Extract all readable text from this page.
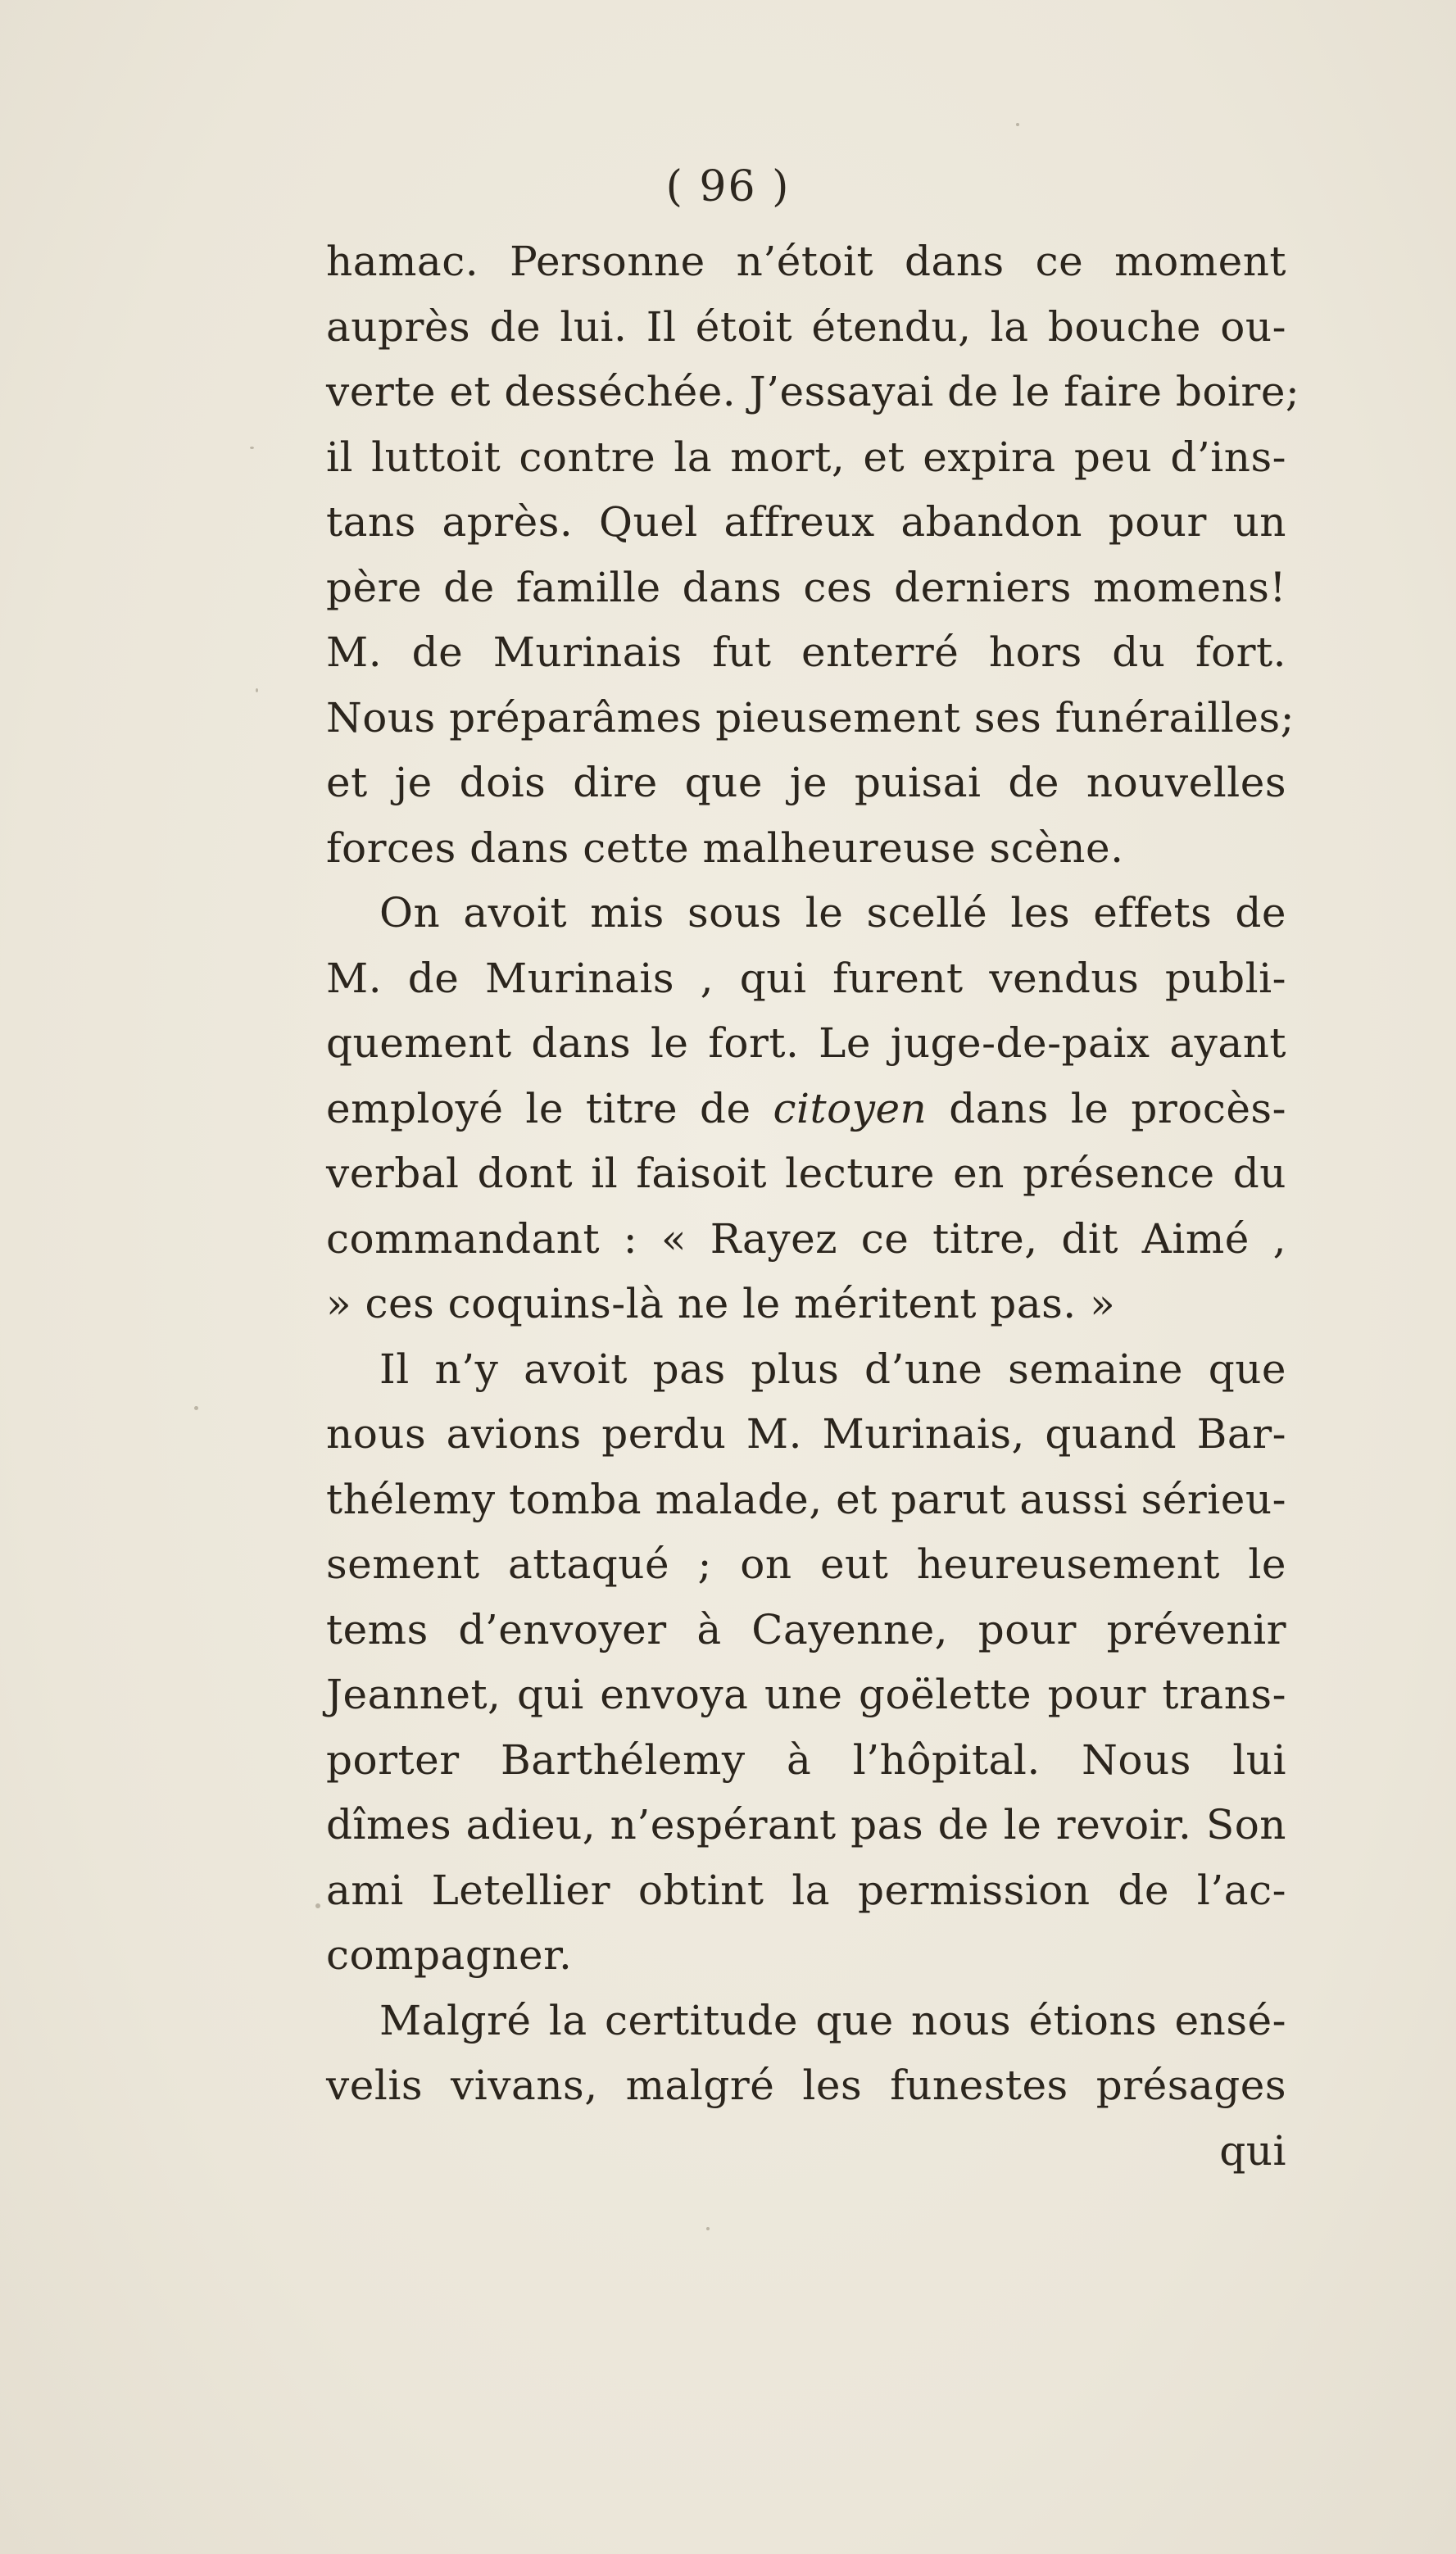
( 96 )
hamac. Personne n’étoit dans ce moment
auprès de lui. Il étoit étendu, la bouche ou-
verte et desséchée. J’essayai de le faire boire;
il luttoit contre la mort, et expira peu d’ins-
tans après. Quel affreux abandon pour un
père de famille dans ces derniers momens!
M. de Murinais fut enterré hors du fort.
Nous préparâmes pieusement ses funérailles;
et je dois dire que je puisai de nouvelles
forces dans cette malheureuse scène.
On avoit mis sous le scellé les effets de
M. de Murinais , qui furent vendus publi-
quement dans le fort. Le juge-de-paix ayant
employé le titre de citoyen dans le procès-
verbal dont il faisoit lecture en présence du
commandant : « Rayez ce titre, dit Aimé ,
» ces coquins-là ne le méritent pas. »
Il n’y avoit pas plus d’une semaine que
nous avions perdu M. Murinais, quand Bar-
thélemy tomba malade, et parut aussi sérieu-
sement attaqué ; on eut heureusement le
tems d’envoyer à Cayenne, pour prévenir
Jeannet, qui envoya une goëlette pour trans-
porter Barthélemy à l’hôpital. Nous lui
dîmes adieu, n’espérant pas de le revoir. Son
ami Letellier obtint la permission de l’ac-
compagner.
Malgré la certitude que nous étions ensé-
velis vivans, malgré les funestes présages
qui
